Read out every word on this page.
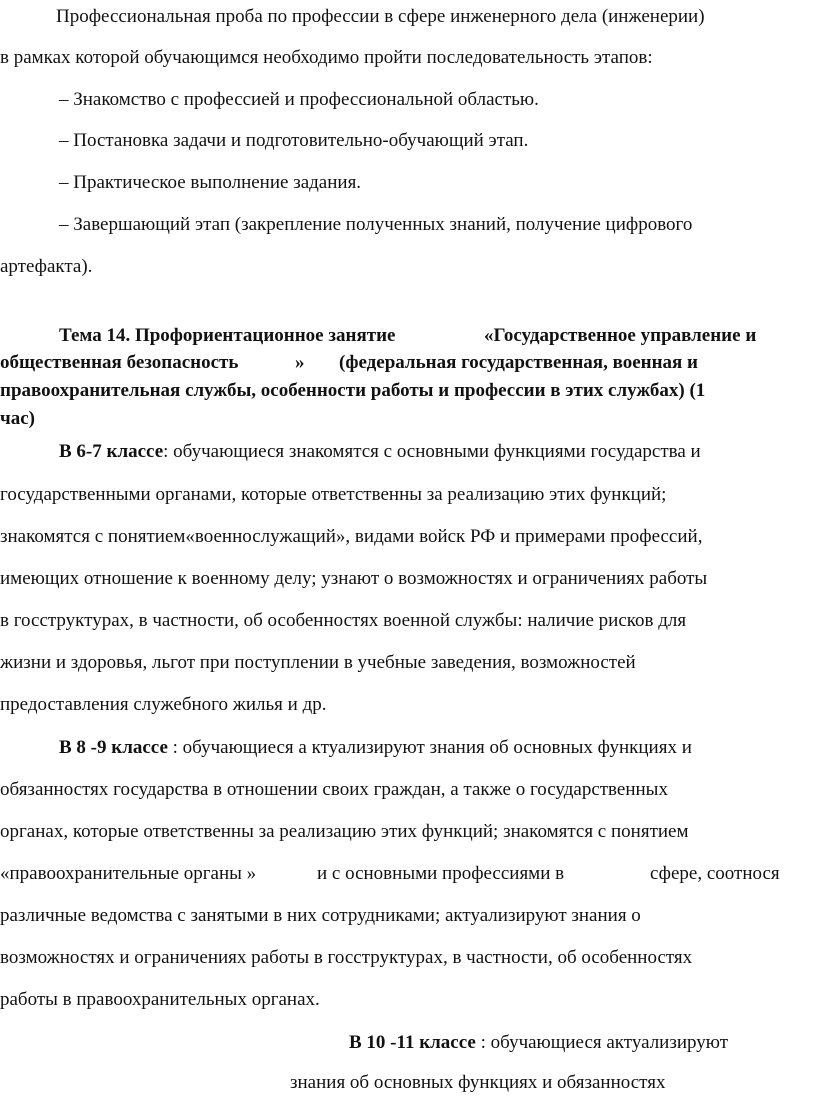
Профессиональная проба по профессии в сфере инженерного дела (инженерии)
в рамках которой обучающимся необходимо пройти последовательность этапов:
– Знакомство с профессией и профессиональной областью.
– Постановка задачи и подготовительно-обучающий этап.
– Практическое выполнение задания.
– Завершающий этап (закрепление полученных знаний, получение цифрового
артефакта).
Тема 14. Профориентационное занятие	«Государственное управление и
общественная безопасность	» (федеральная государственная, военная и
правоохранительная службы, особенности работы и профессии в этих службах) (1
час)
В 6-7 классе: обучающиеся знакомятся с основными функциями государства и
государственными органами, которые ответственны за реализацию этих функций;
знакомятся с понятием«военнослужащий», видами войск РФ и примерами профессий,
имеющих отношение к военному делу; узнают о возможностях и ограничениях работы
в госструктурах, в частности, об особенностях военной службы: наличие рисков для
жизни и здоровья, льгот при поступлении в учебные заведения, возможностей
предоставления служебного жилья и др.
В 8 -9 классе : обучающиеся а ктуализируют знания об основных функциях и
обязанностях государства в отношении своих граждан, а также о государственных
органах, которые ответственны за реализацию этих функций; знакомятся с понятием
«правоохранительные органы »	и с основными профессиями в	сфере, соотнося
различные ведомства с занятыми в них сотрудниками; актуализируют знания о
возможностях и ограничениях работы в госструктурах, в частности, об особенностях
работы в правоохранительных органах.
В 10 -11 классе : обучающиеся актуализируют
знания об основных функциях и обязанностях
